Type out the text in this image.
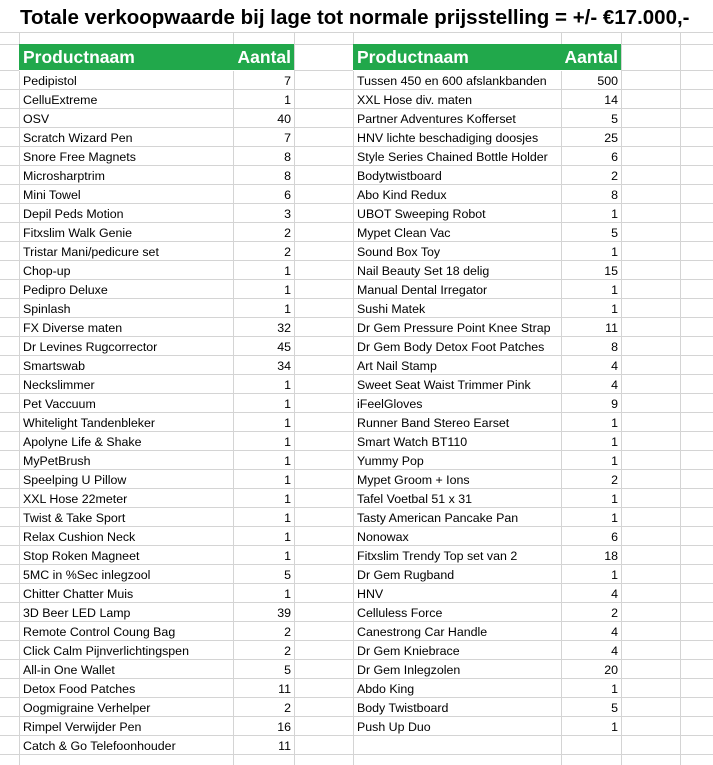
Totale verkoopwaarde bij lage tot normale prijsstelling = +/- €17.000,-
Productnaam	Aantal
Pedipistol	7
CelluExtreme	1
OSV	40
Scratch Wizard Pen	7
Snore Free Magnets	8
Microsharptrim	8
Mini Towel	6
Depil Peds Motion	3
Fitxslim Walk Genie	2
Tristar Mani/pedicure set	2
Chop-up	1
Pedipro Deluxe	1
Spinlash	1
FX Diverse maten	32
Dr Levines Rugcorrector	45
Smartswab	34
Neckslimmer	1
Pet Vaccuum	1
Whitelight Tandenbleker	1
Apolyne Life & Shake	1
MyPetBrush	1
Speelping U Pillow	1
XXL Hose 22meter	1
Twist & Take Sport	1
Relax Cushion Neck	1
Stop Roken Magneet	1
5MC in %Sec inlegzool	5
Chitter Chatter Muis	1
3D Beer LED Lamp	39
Remote Control Coung Bag	2
Click Calm Pijnverlichtingspen	2
All-in One Wallet	5
Detox Food Patches	11
Oogmigraine Verhelper	2
Rimpel Verwijder Pen	16
Catch & Go Telefoonhouder	11
Productnaam	Aantal
Tussen 450 en 600 afslankbanden	500
XXL Hose div. maten	14
Partner Adventures Kofferset	5
HNV lichte beschadiging doosjes	25
Style Series Chained Bottle Holder	6
Bodytwistboard	2
Abo Kind Redux	8
UBOT Sweeping Robot	1
Mypet Clean Vac	5
Sound Box Toy	1
Nail Beauty Set 18 delig	15
Manual Dental Irregator	1
Sushi Matek	1
Dr Gem Pressure Point Knee Strap	11
Dr Gem Body Detox Foot Patches	8
Art Nail Stamp	4
Sweet Seat Waist Trimmer Pink	4
iFeelGloves	9
Runner Band Stereo Earset	1
Smart Watch BT110	1
Yummy Pop	1
Mypet Groom + Ions	2
Tafel Voetbal 51 x 31	1
Tasty American Pancake Pan	1
Nonowax	6
Fitxslim Trendy Top set van 2	18
Dr Gem Rugband	1
HNV	4
Celluless Force	2
Canestrong Car Handle	4
Dr Gem Kniebrace	4
Dr Gem Inlegzolen	20
Abdo King	1
Body Twistboard	5
Push Up Duo	1
